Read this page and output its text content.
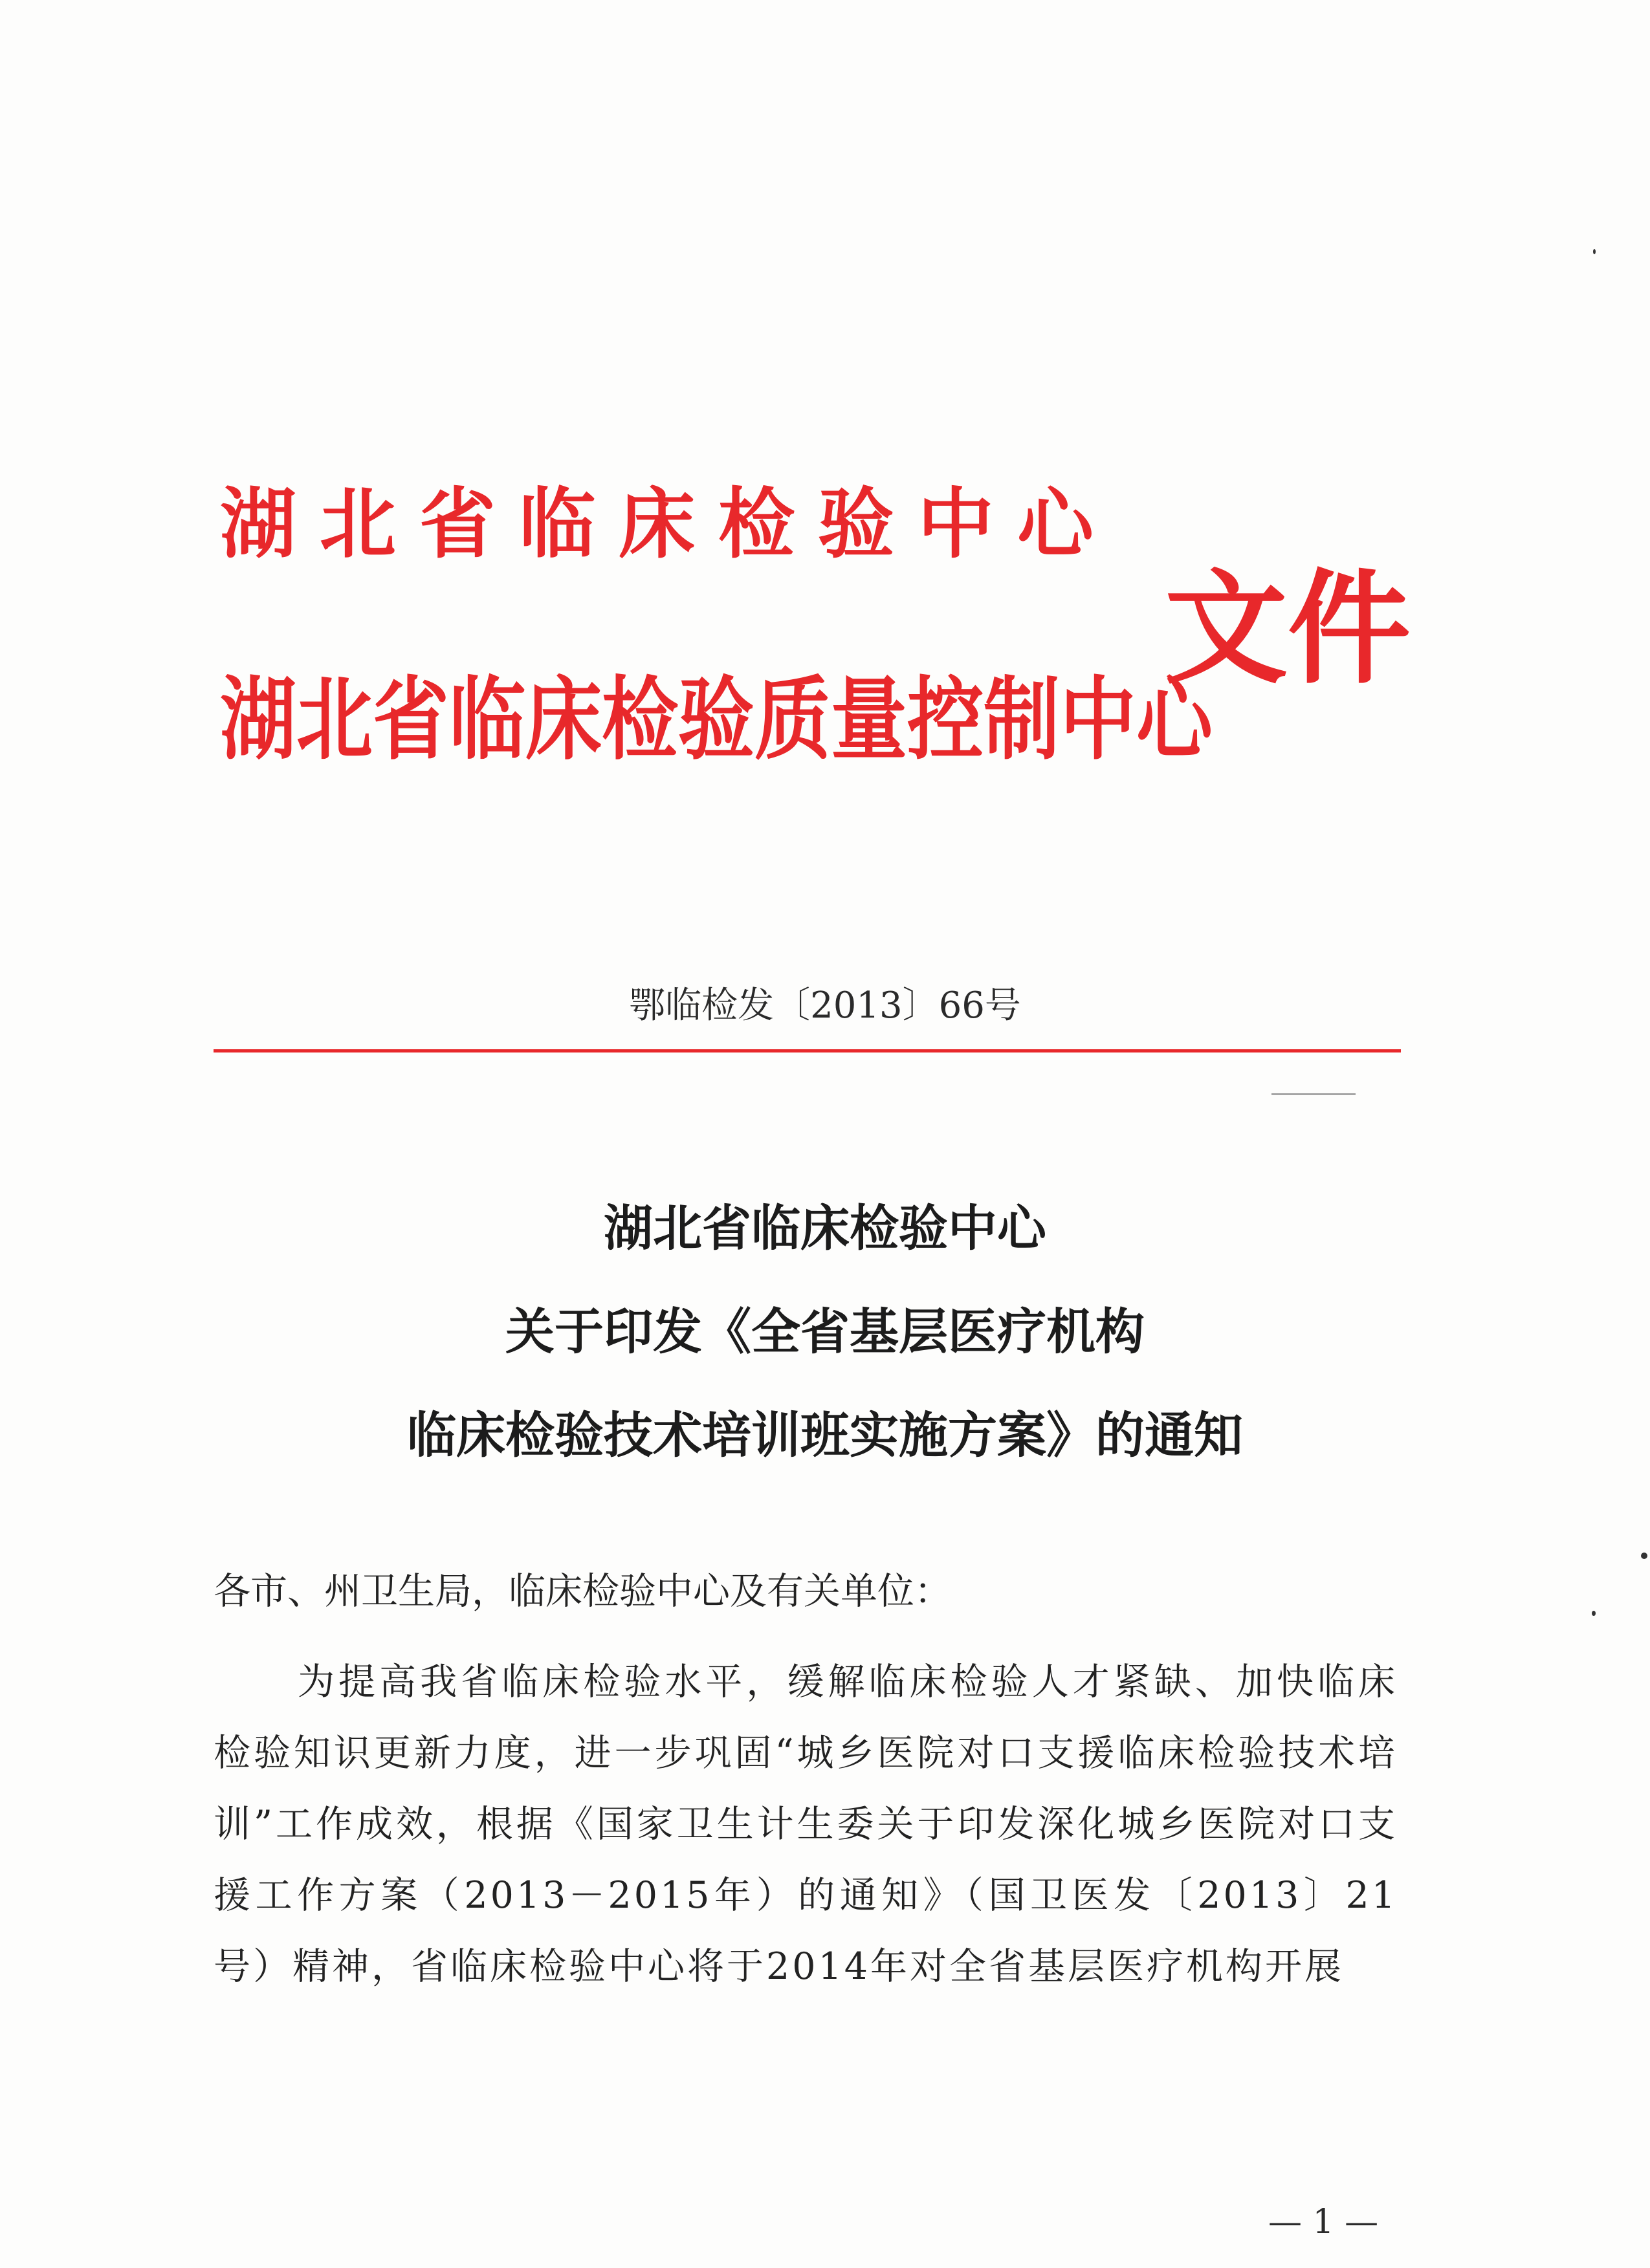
湖北省临床检验中心
湖北省临床检验质量控制中心
文件
鄂临检发〔2013〕66号
湖北省临床检验中心
关于印发《全省基层医疗机构
临床检验技术培训班实施方案》的通知
各市、州卫生局，临床检验中心及有关单位：
为提高我省临床检验水平，缓解临床检验人才紧缺、加快临床检验知识更新力度，进一步巩固“城乡医院对口支援临床检验技术培训”工作成效，根据《国家卫生计生委关于印发深化城乡医院对口支援工作方案（2013－2015年）的通知》（国卫医发〔2013〕21号）精神，省临床检验中心将于2014年对全省基层医疗机构开展
— 1 —
